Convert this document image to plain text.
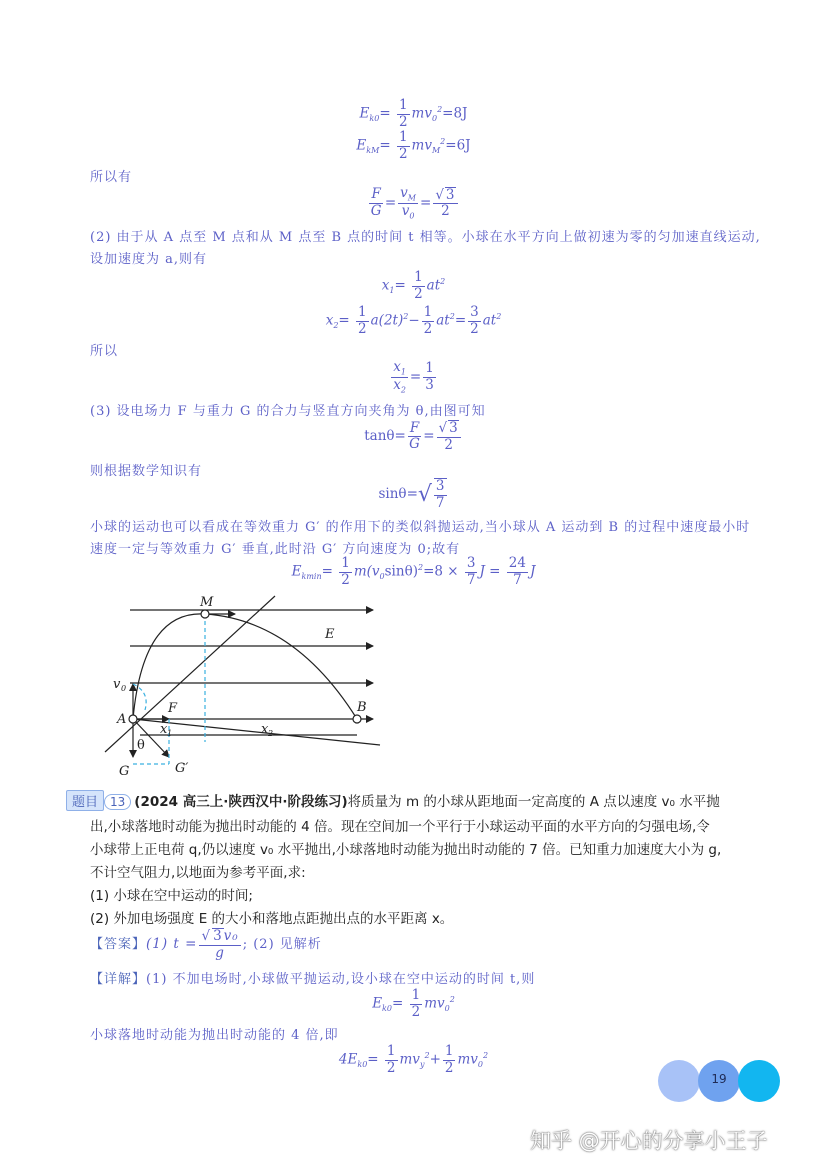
$E_{k0}= \frac{1}{2} mv_0^2=8J$
$E_{kM}= \frac{1}{2} mv_M^2=6J$
所以有
$\frac{F}{G} = \frac{v_M}{v_0} = \frac{√ 3}{2}$
(2) 由于从 A 点至 M 点和从 M 点至 B 点的时间 t 相等。小球在水平方向上做初速为零的匀加速直线运动,
设加速度为 a,则有
$x_1= \frac{1}{2} at^2$
$x_2= \frac{1}{2} a(2t)^2- \frac{1}{2} at^2= \frac{3}{2} at^2$
所以
$\frac{x_1}{x_2} = \frac{1}{3}$
(3) 设电场力 F 与重力 G 的合力与竖直方向夹角为 θ,由图可知
$\tan\theta= \frac{F}{G} = \frac{√ 3}{2}$
则根据数学知识有
$\sin\theta=√ \frac{3}{7}$
小球的运动也可以看成在等效重力 G′ 的作用下的类似斜抛运动,当小球从 A 运动到 B 的过程中速度最小时
速度一定与等效重力 G′ 垂直,此时沿 G′ 方向速度为 0;故有
$E_{kmin}= \frac{1}{2} m(v_0\sin\theta)^2=8 \times \frac{3}{7}$ $J = \frac{24}{7}$ J
M
E
v 0
A
F	B
θ
x 1	x 2
G	G′
题目 13 (2024 高三上·陕西汉中·阶段练习)将质量为 m 的小球从距地面一定高度的 A 点以速度 v₀ 水平抛
出,小球落地时动能为抛出时动能的 4 倍。现在空间加一个平行于小球运动平面的水平方向的匀强电场,令
小球带上正电荷 q,仍以速度 v₀ 水平抛出,小球落地时动能为抛出时动能的 7 倍。已知重力加速度大小为 g,
不计空气阻力,以地面为参考平面,求:
(1) 小球在空中运动的时间;
(2) 外加电场强度 E 的大小和落地点距抛出点的水平距离 x。
【答案】(1) $t = \frac{\text{√ 3v₀}}{g}$ ; (2) 见解析
【详解】(1) 不加电场时,小球做平抛运动,设小球在空中运动的时间 t,则
$E_{k0}= \frac{1}{2} mv_0^2$
小球落地时动能为抛出时动能的 4 倍,即
$4E_{k0}= \frac{1}{2} mv_y^2+ \frac{1}{2} mv_0^2$
19
知乎 @开心的分享小王子
